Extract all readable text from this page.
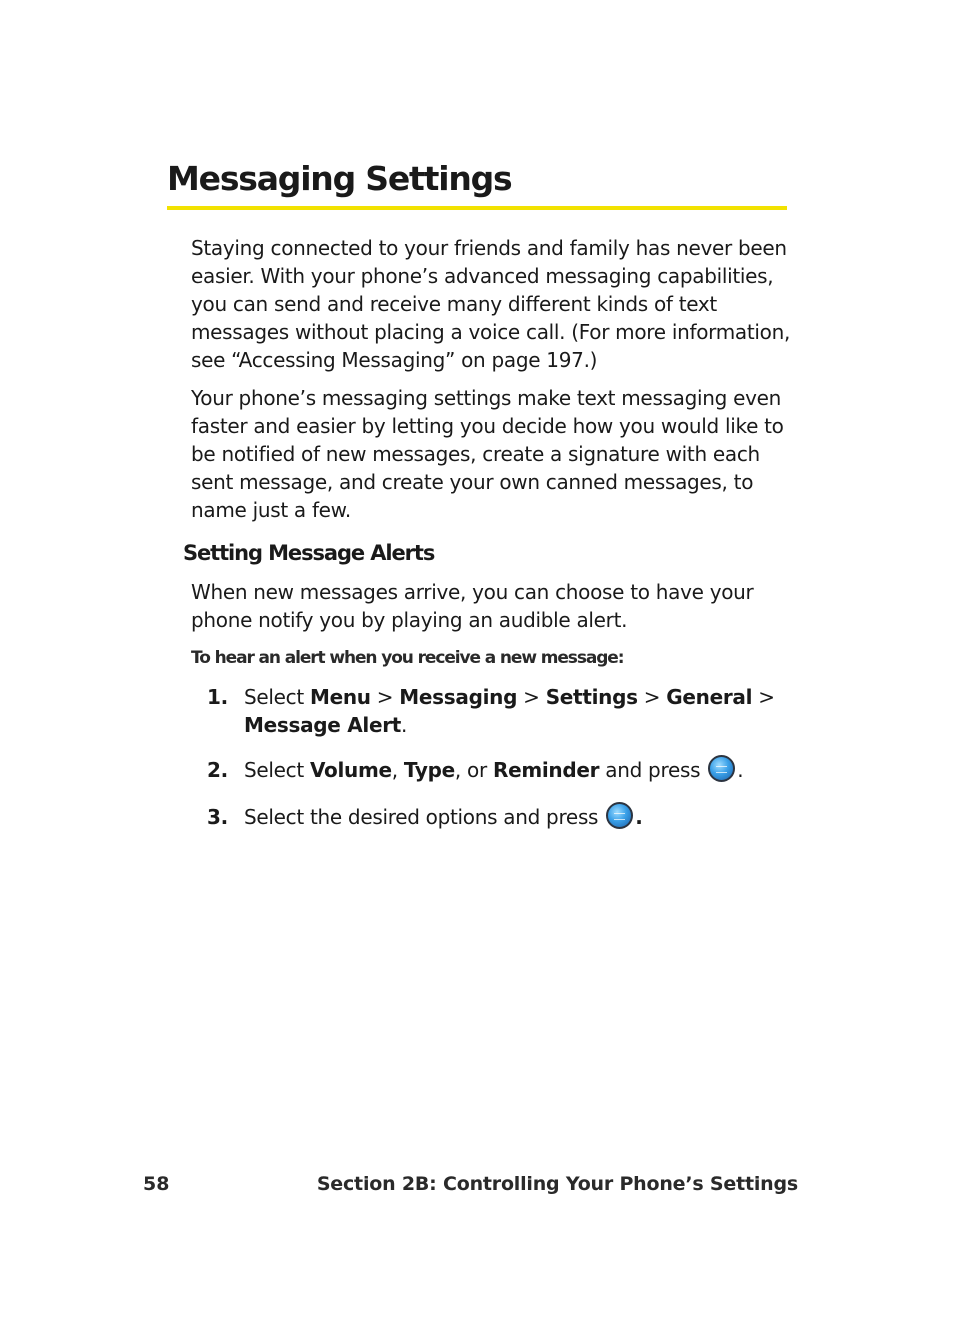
Messaging Settings

Staying connected to your friends and family has never been easier. With your phone’s advanced messaging capabilities, you can send and receive many different kinds of text messages without placing a voice call. (For more information, see “Accessing Messaging” on page 197.)

Your phone’s messaging settings make text messaging even faster and easier by letting you decide how you would like to be notified of new messages, create a signature with each sent message, and create your own canned messages, to name just a few.

Setting Message Alerts

When new messages arrive, you can choose to have your phone notify you by playing an audible alert.

To hear an alert when you receive a new message:

1. Select Menu > Messaging > Settings > General > Message Alert.
2. Select Volume, Type, or Reminder and press .
3. Select the desired options and press .

58	Section 2B: Controlling Your Phone’s Settings
